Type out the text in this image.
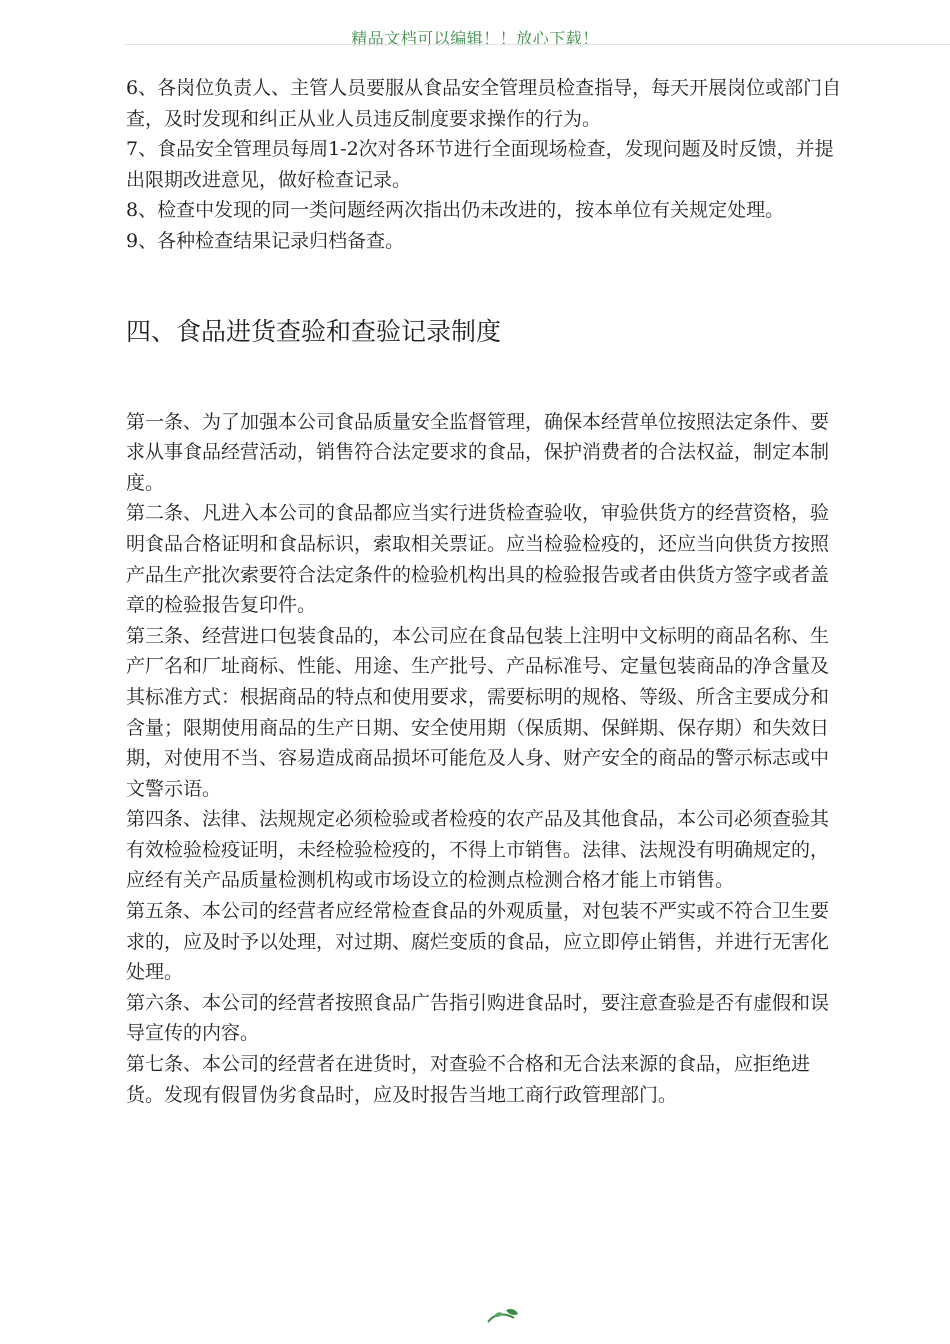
精品文档可以编辑！！放心下载！

6、各岗位负责人、主管人员要服从食品安全管理员检查指导，每天开展岗位或部门自查，及时发现和纠正从业人员违反制度要求操作的行为。

7、食品安全管理员每周1-2次对各环节进行全面现场检查，发现问题及时反馈，并提出限期改进意见，做好检查记录。

8、检查中发现的同一类问题经两次指出仍未改进的，按本单位有关规定处理。

9、各种检查结果记录归档备查。

四、食品进货查验和查验记录制度

第一条、为了加强本公司食品质量安全监督管理，确保本经营单位按照法定条件、要求从事食品经营活动，销售符合法定要求的食品，保护消费者的合法权益，制定本制度。

第二条、凡进入本公司的食品都应当实行进货检查验收，审验供货方的经营资格，验明食品合格证明和食品标识，索取相关票证。应当检验检疫的，还应当向供货方按照产品生产批次索要符合法定条件的检验机构出具的检验报告或者由供货方签字或者盖章的检验报告复印件。

第三条、经营进口包装食品的，本公司应在食品包装上注明中文标明的商品名称、生产厂名和厂址商标、性能、用途、生产批号、产品标准号、定量包装商品的净含量及其标准方式：根据商品的特点和使用要求，需要标明的规格、等级、所含主要成分和含量；限期使用商品的生产日期、安全使用期（保质期、保鲜期、保存期）和失效日期，对使用不当、容易造成商品损坏可能危及人身、财产安全的商品的警示标志或中文警示语。

第四条、法律、法规规定必须检验或者检疫的农产品及其他食品，本公司必须查验其有效检验检疫证明，未经检验检疫的，不得上市销售。法律、法规没有明确规定的，应经有关产品质量检测机构或市场设立的检测点检测合格才能上市销售。

第五条、本公司的经营者应经常检查食品的外观质量，对包装不严实或不符合卫生要求的，应及时予以处理，对过期、腐烂变质的食品，应立即停止销售，并进行无害化处理。

第六条、本公司的经营者按照食品广告指引购进食品时，要注意查验是否有虚假和误导宣传的内容。

第七条、本公司的经营者在进货时，对查验不合格和无合法来源的食品，应拒绝进货。发现有假冒伪劣食品时，应及时报告当地工商行政管理部门。
